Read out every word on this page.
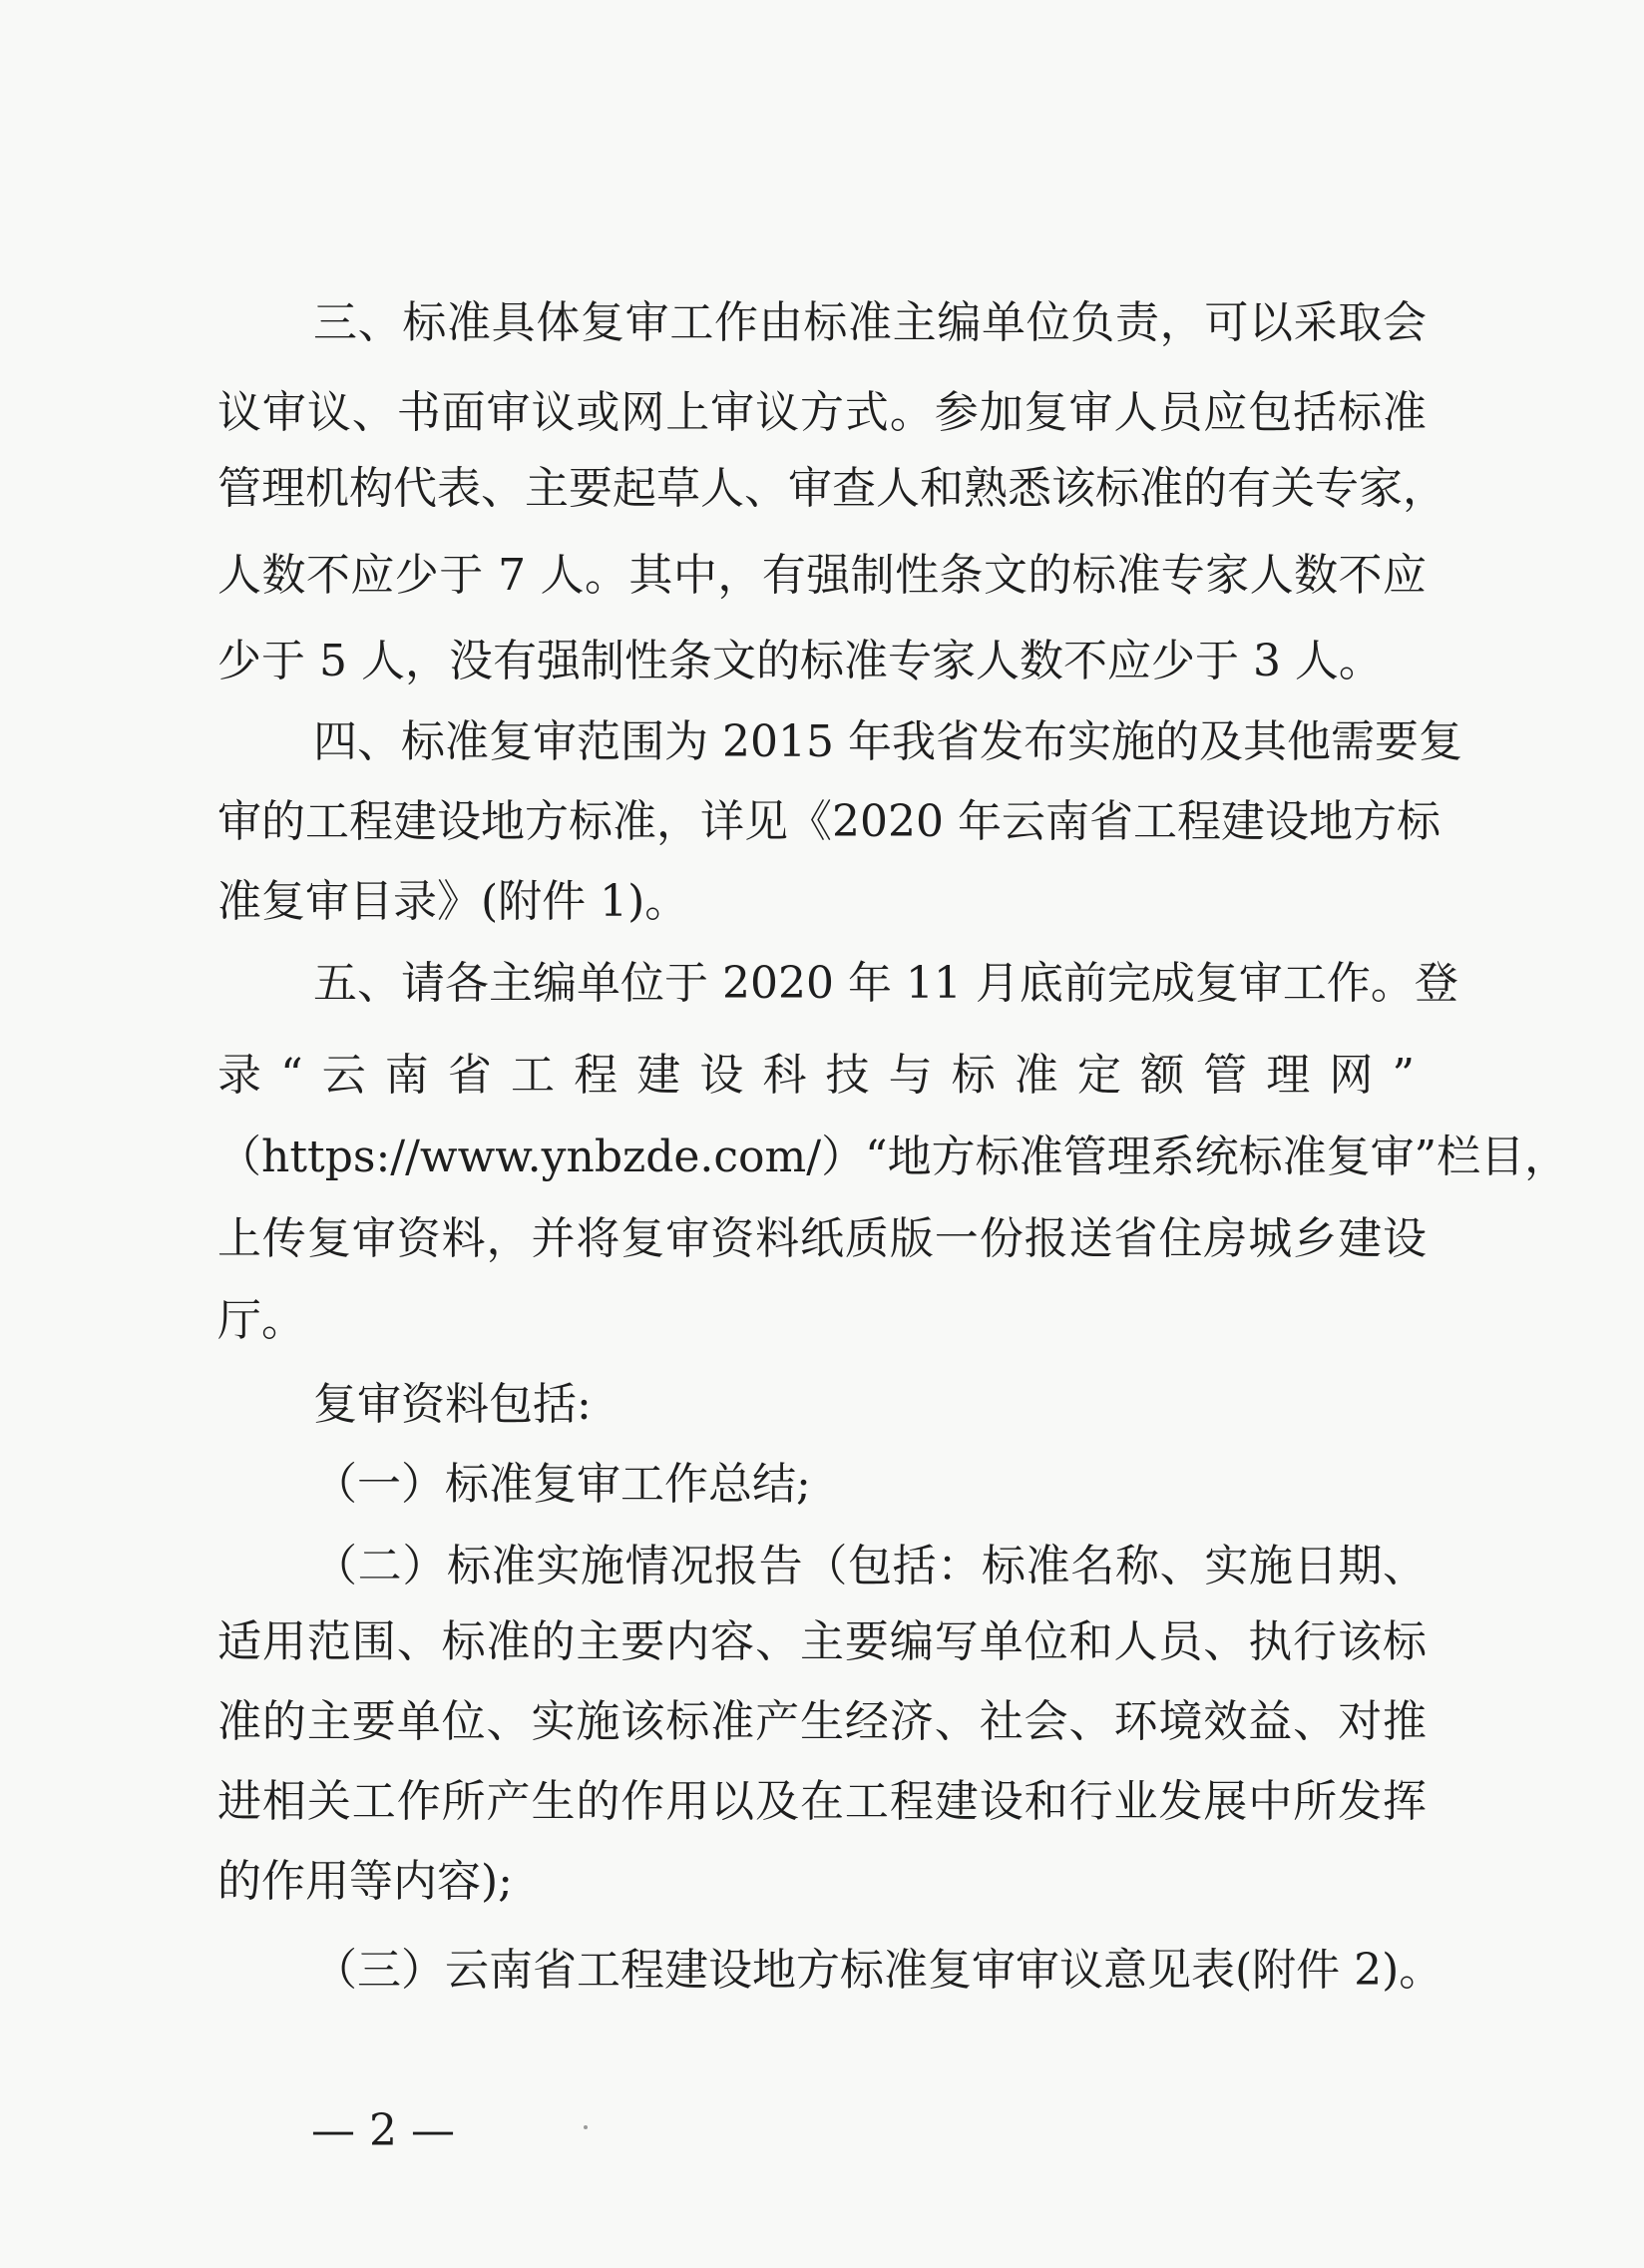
三、标准具体复审工作由标准主编单位负责，可以采取会
议审议、书面审议或网上审议方式。参加复审人员应包括标准
管理机构代表、主要起草人、审查人和熟悉该标准的有关专家，
人数不应少于 7 人。其中，有强制性条文的标准专家人数不应
少于 5 人，没有强制性条文的标准专家人数不应少于 3 人。
四、标准复审范围为 2015 年我省发布实施的及其他需要复
审的工程建设地方标准，详见《2020 年云南省工程建设地方标
准复审目录》(附件 1)。
五、请各主编单位于 2020 年 11 月底前完成复审工作。登
录“云南省工程建设科技与标准定额管理网”
（https://www.ynbzde.com/）“地方标准管理系统标准复审”栏目，
上传复审资料，并将复审资料纸质版一份报送省住房城乡建设
厅。
复审资料包括:
（一）标准复审工作总结;
（二）标准实施情况报告（包括：标准名称、实施日期、
适用范围、标准的主要内容、主要编写单位和人员、执行该标
准的主要单位、实施该标准产生经济、社会、环境效益、对推
进相关工作所产生的作用以及在工程建设和行业发展中所发挥
的作用等内容);
（三）云南省工程建设地方标准复审审议意见表(附件 2)。
— 2 —
